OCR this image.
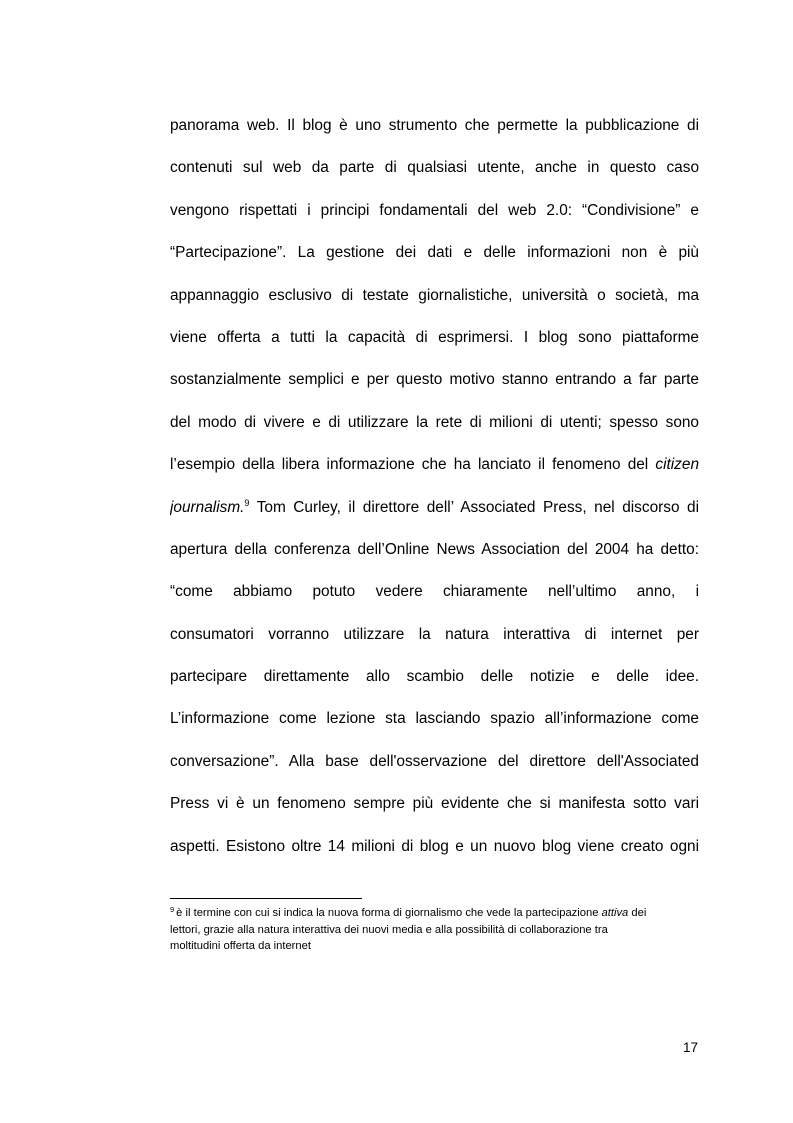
panorama web. Il blog è uno strumento che permette la pubblicazione di
contenuti sul web da parte di qualsiasi utente, anche in questo caso
vengono rispettati i principi fondamentali del web 2.0: “Condivisione” e
“Partecipazione”. La gestione dei dati e delle informazioni non è più
appannaggio esclusivo di testate giornalistiche, università o società, ma
viene offerta a tutti la capacità di esprimersi. I blog sono piattaforme
sostanzialmente semplici e per questo motivo stanno entrando a far parte
del modo di vivere e di utilizzare la rete di milioni di utenti; spesso sono
l’esempio della libera informazione che ha lanciato il fenomeno del citizen
journalism.$^9$ Tom Curley, il direttore dell’ Associated Press, nel discorso di
apertura della conferenza dell’Online News Association del 2004 ha detto:
“come abbiamo potuto vedere chiaramente nell’ultimo anno, i
consumatori vorranno utilizzare la natura interattiva di internet per
partecipare direttamente allo scambio delle notizie e delle idee.
L’informazione come lezione sta lasciando spazio all’informazione come
conversazione”. Alla base dell'osservazione del direttore dell'Associated
Press vi è un fenomeno sempre più evidente che si manifesta sotto vari
aspetti. Esistono oltre 14 milioni di blog e un nuovo blog viene creato ogni
$^9$ è il termine con cui si indica la nuova forma di giornalismo che vede la partecipazione attiva dei
lettori, grazie alla natura interattiva dei nuovi media e alla possibilità di collaborazione tra
moltitudini offerta da internet
17
